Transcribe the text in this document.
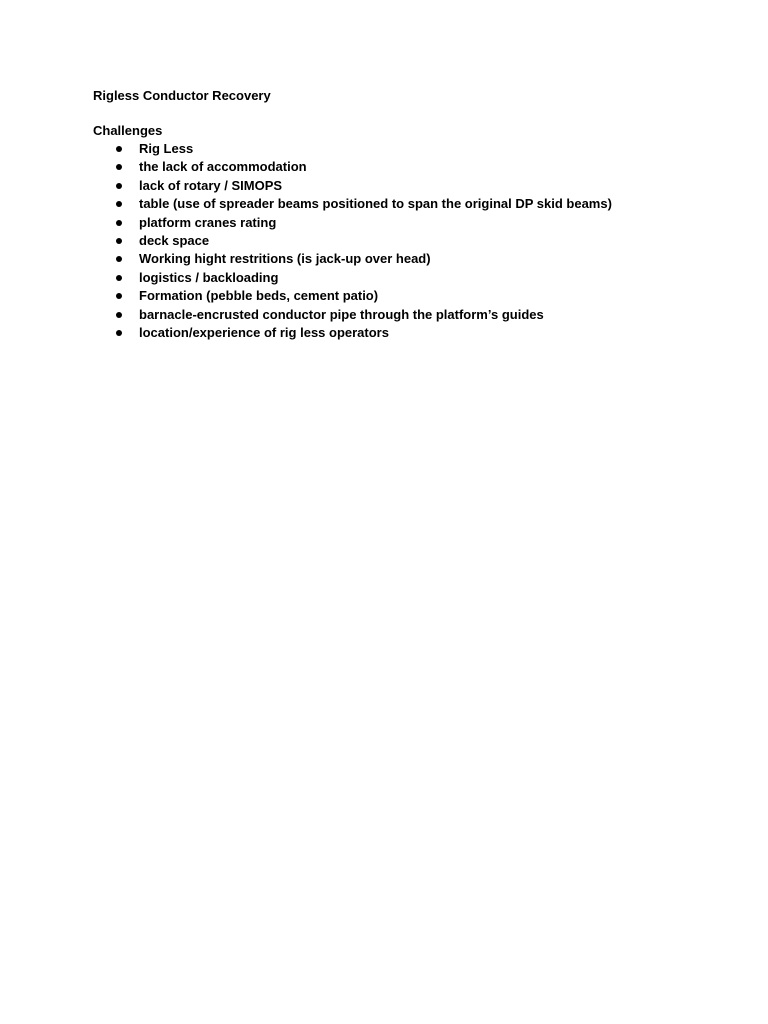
Rigless Conductor Recovery
Challenges
Rig Less
the lack of accommodation
lack of rotary / SIMOPS
table (use of spreader beams positioned to span the original DP skid beams)
platform cranes rating
deck space
Working hight restritions (is jack-up over head)
logistics / backloading
Formation (pebble beds, cement patio)
barnacle-encrusted conductor pipe through the platform’s guides
location/experience of rig less operators
